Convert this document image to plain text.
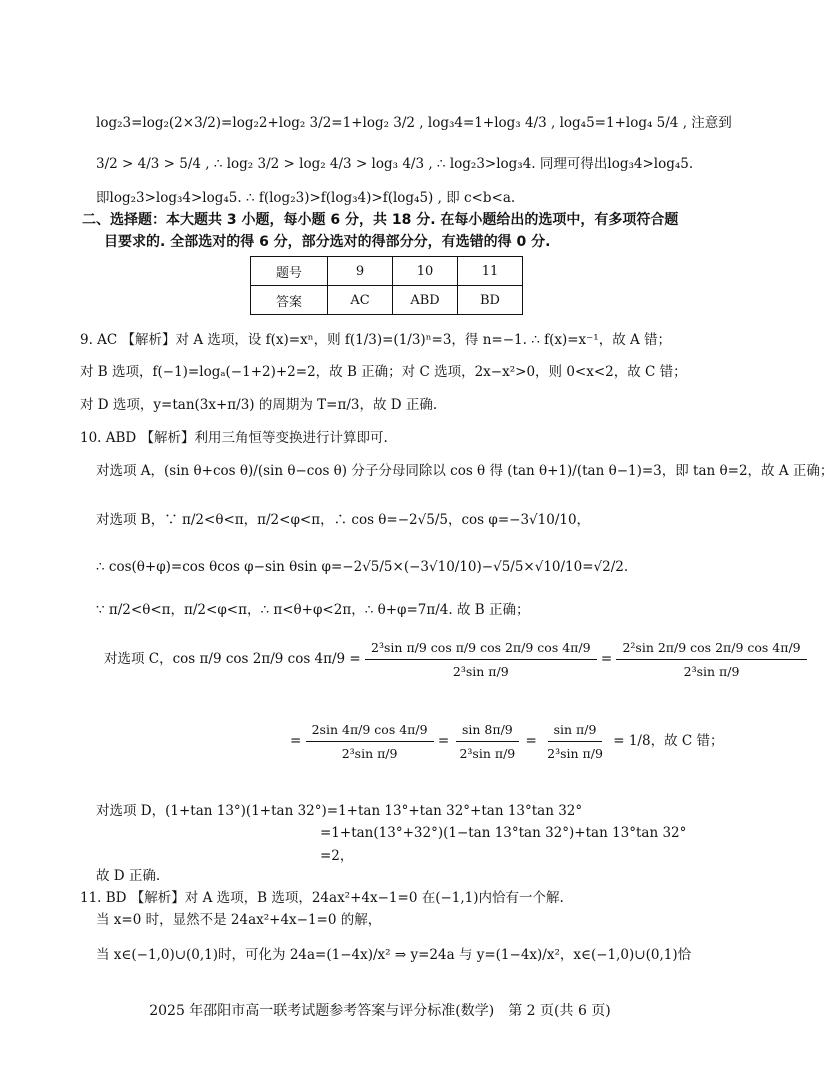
log₂3=log₂(2×3/2)=log₂2+log₂ 3/2=1+log₂ 3/2 , log₃4=1+log₃ 4/3 , log₄5=1+log₄ 5/4 , 注意到
3/2 > 4/3 > 5/4 , ∴ log₂ 3/2 > log₂ 4/3 > log₃ 4/3 , ∴ log₂3>log₃4. 同理可得出log₃4>log₄5.
即log₂3>log₃4>log₄5. ∴ f(log₂3)>f(log₃4)>f(log₄5) , 即 c<b<a.
二、选择题：本大题共 3 小题，每小题 6 分，共 18 分. 在每小题给出的选项中，有多项符合题
目要求的. 全部选对的得 6 分，部分选对的得部分分，有选错的得 0 分.
题号	9	10	11
答案	AC	ABD	BD
9. AC 【解析】对 A 选项，设 f(x)=xⁿ，则 f(1/3)=(1/3)ⁿ=3，得 n=−1. ∴ f(x)=x⁻¹，故 A 错；
对 B 选项，f(−1)=logₐ(−1+2)+2=2，故 B 正确；对 C 选项，2x−x²>0，则 0<x<2，故 C 错；
对 D 选项，y=tan(3x+π/3) 的周期为 T=π/3，故 D 正确.
10. ABD 【解析】利用三角恒等变换进行计算即可.
对选项 A，(sin θ+cos θ)/(sin θ−cos θ) 分子分母同除以 cos θ 得 (tan θ+1)/(tan θ−1)=3，即 tan θ=2，故 A 正确；
对选项 B，∵ π/2<θ<π，π/2<φ<π，∴ cos θ=−2√5/5，cos φ=−3√10/10，
∴ cos(θ+φ)=cos θcos φ−sin θsin φ=−2√5/5×(−3√10/10)−√5/5×√10/10=√2/2.
∵ π/2<θ<π，π/2<φ<π，∴ π<θ+φ<2π，∴ θ+φ=7π/4. 故 B 正确；
对选项 C，cos π/9 cos 2π/9 $\cos 4\pi/9 = \frac{\text{2³sin π/9 cos π/9 cos 2π/9 cos 4π/9}}{\text{2³sin π/9}} = \frac{\text{2²sin 2π/9 cos 2π/9 cos 4π/9}}{\text{2³sin π/9}}$
= $\frac{2\sin 4\pi/9 \cos 4\pi/9}{\text{2³sin π/9}} = \frac{\sin 8\pi/9}{\text{2³sin π/9}} = \frac{\text{sin π/9}}{\text{2³sin π/9}} = 1/8$，故 C 错；
对选项 D，(1+tan 13°)(1+tan 32°)=1+tan 13°+tan 32°+tan 13°tan 32°
=1+tan(13°+32°)(1−tan 13°tan 32°)+tan 13°tan 32°
=2，
故 D 正确.
11. BD 【解析】对 A 选项，B 选项，24ax²+4x−1=0 在(−1,1)内恰有一个解.
当 x=0 时，显然不是 24ax²+4x−1=0 的解，
当 x∈(−1,0)∪(0,1)时，可化为 24a=(1−4x)/x² ⇒ y=24a 与 y=(1−4x)/x²，x∈(−1,0)∪(0,1)恰
2025 年邵阳市高一联考试题参考答案与评分标准(数学)　第 2 页(共 6 页)
